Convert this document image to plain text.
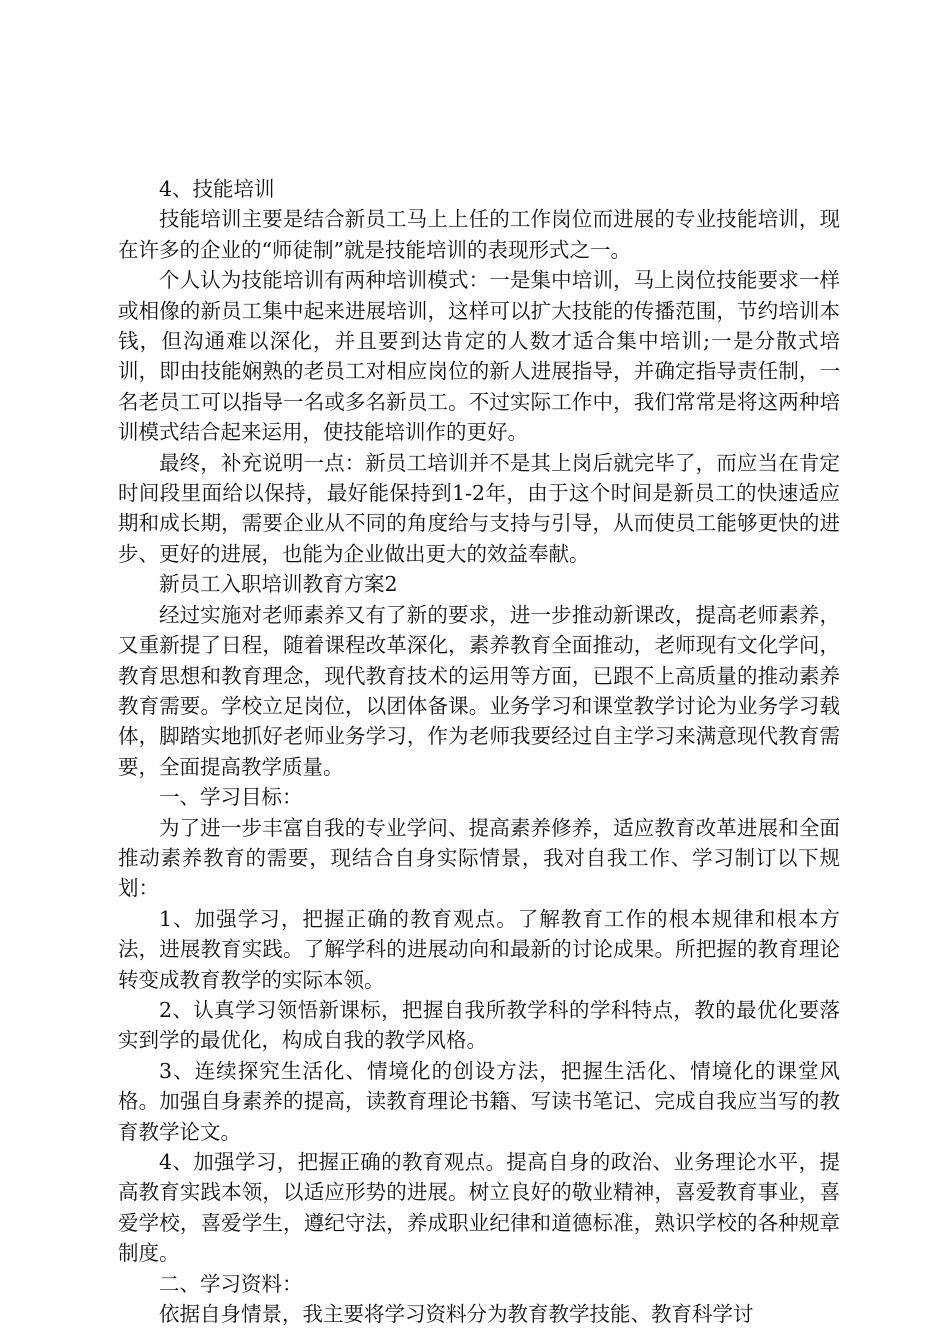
4、技能培训

技能培训主要是结合新员工马上上任的工作岗位而进展的专业技能培训，现在许多的企业的“师徒制”就是技能培训的表现形式之一。

个人认为技能培训有两种培训模式：一是集中培训，马上岗位技能要求一样或相像的新员工集中起来进展培训，这样可以扩大技能的传播范围，节约培训本钱，但沟通难以深化，并且要到达肯定的人数才适合集中培训;一是分散式培训，即由技能娴熟的老员工对相应岗位的新人进展指导，并确定指导责任制，一名老员工可以指导一名或多名新员工。不过实际工作中，我们常常是将这两种培训模式结合起来运用，使技能培训作的更好。

最终，补充说明一点：新员工培训并不是其上岗后就完毕了，而应当在肯定时间段里面给以保持，最好能保持到1-2年，由于这个时间是新员工的快速适应期和成长期，需要企业从不同的角度给与支持与引导，从而使员工能够更快的进步、更好的进展，也能为企业做出更大的效益奉献。

新员工入职培训教育方案2

经过实施对老师素养又有了新的要求，进一步推动新课改，提高老师素养，又重新提了日程，随着课程改革深化，素养教育全面推动，老师现有文化学问，教育思想和教育理念，现代教育技术的运用等方面，已跟不上高质量的推动素养教育需要。学校立足岗位，以团体备课。业务学习和课堂教学讨论为业务学习载体，脚踏实地抓好老师业务学习，作为老师我要经过自主学习来满意现代教育需要，全面提高教学质量。

一、学习目标：

为了进一步丰富自我的专业学问、提高素养修养，适应教育改革进展和全面推动素养教育的需要，现结合自身实际情景，我对自我工作、学习制订以下规划：

1、加强学习，把握正确的教育观点。了解教育工作的根本规律和根本方法，进展教育实践。了解学科的进展动向和最新的讨论成果。所把握的教育理论转变成教育教学的实际本领。

2、认真学习领悟新课标，把握自我所教学科的学科特点，教的最优化要落实到学的最优化，构成自我的教学风格。

3、连续探究生活化、情境化的创设方法，把握生活化、情境化的课堂风格。加强自身素养的提高，读教育理论书籍、写读书笔记、完成自我应当写的教育教学论文。

4、加强学习，把握正确的教育观点。提高自身的政治、业务理论水平，提高教育实践本领，以适应形势的进展。树立良好的敬业精神，喜爱教育事业，喜爱学校，喜爱学生，遵纪守法，养成职业纪律和道德标准，熟识学校的各种规章制度。

二、学习资料：

依据自身情景，我主要将学习资料分为教育教学技能、教育科学讨
